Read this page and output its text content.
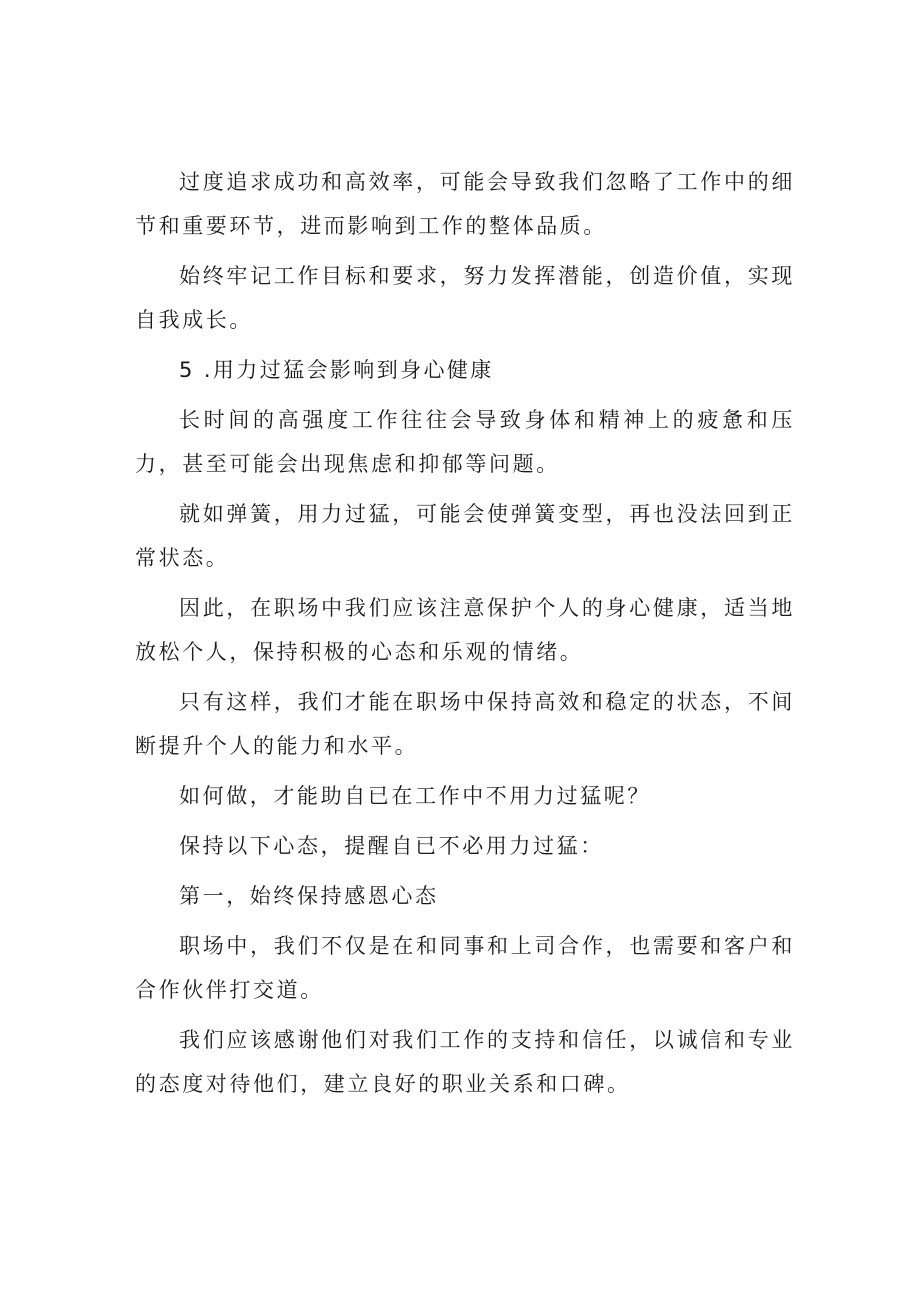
过度追求成功和高效率，可能会导致我们忽略了工作中的细节和重要环节，进而影响到工作的整体品质。

始终牢记工作目标和要求，努力发挥潜能，创造价值，实现自我成长。

5 .用力过猛会影响到身心健康

长时间的高强度工作往往会导致身体和精神上的疲惫和压力，甚至可能会出现焦虑和抑郁等问题。

就如弹簧，用力过猛，可能会使弹簧变型，再也没法回到正常状态。

因此，在职场中我们应该注意保护个人的身心健康，适当地放松个人，保持积极的心态和乐观的情绪。

只有这样，我们才能在职场中保持高效和稳定的状态，不间断提升个人的能力和水平。

如何做，才能助自已在工作中不用力过猛呢？

保持以下心态，提醒自已不必用力过猛：

第一，始终保持感恩心态

职场中，我们不仅是在和同事和上司合作，也需要和客户和合作伙伴打交道。

我们应该感谢他们对我们工作的支持和信任，以诚信和专业的态度对待他们，建立良好的职业关系和口碑。
